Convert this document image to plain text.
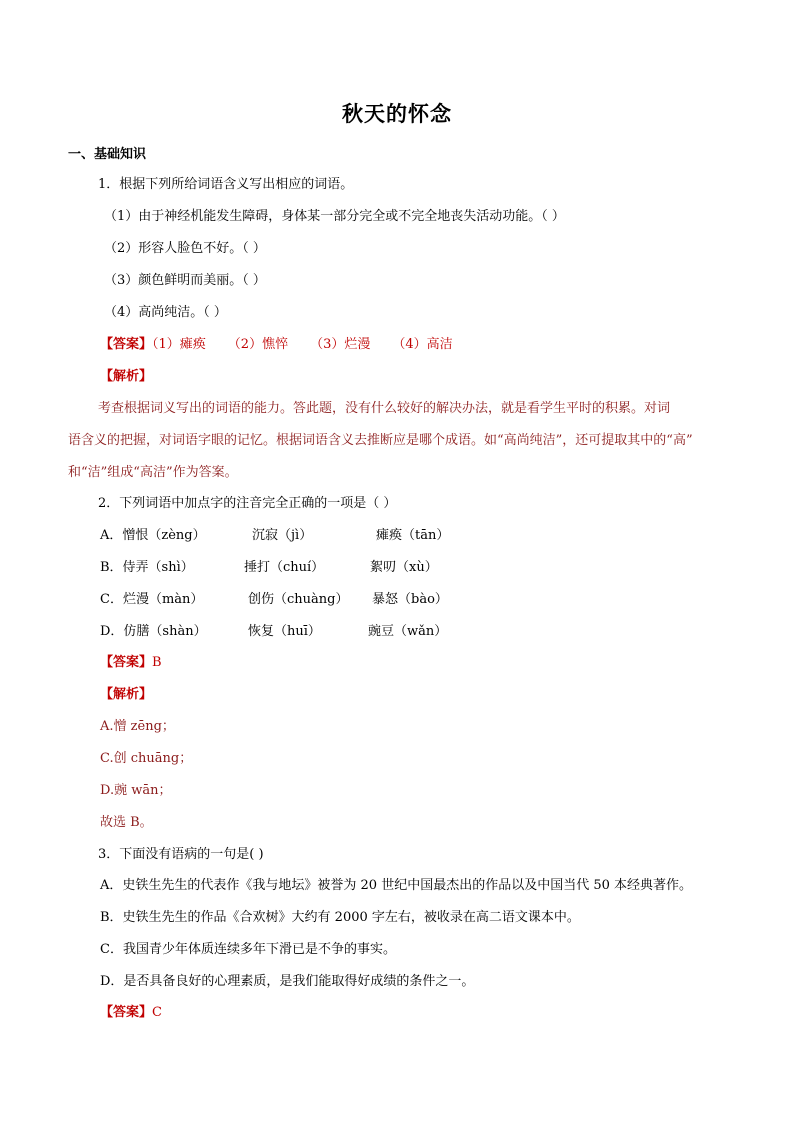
秋天的怀念
一、基础知识
1．根据下列所给词语含义写出相应的词语。
（1）由于神经机能发生障碍，身体某一部分完全或不完全地丧失活动功能。（ ）
（2）形容人脸色不好。（ ）
（3）颜色鲜明而美丽。（ ）
（4）高尚纯洁。（ ）
【答案】（1）瘫痪 （2）憔悴 （3）烂漫 （4）高洁
【解析】
考查根据词义写出的词语的能力。答此题，没有什么较好的解决办法，就是看学生平时的积累。对词
语含义的把握，对词语字眼的记忆。根据词语含义去推断应是哪个成语。如“高尚纯洁”，还可提取其中的“高”
和“洁”组成“高洁”作为答案。
2．下列词语中加点字的注音完全正确的一项是（ ）
A．憎恨（zèng）	沉寂（jì）	瘫痪（tān）
B．侍弄（shì）	捶打（chuí）	絮叨（xù）
C．烂漫（màn）	创伤（chuàng） 暴怒（bào）
D．仿膳（shàn）	恢复（huī）	豌豆（wǎn）
【答案】B
【解析】
A.憎 zēng；
C.创 chuāng；
D.豌 wān；
故选 B。
3．下面没有语病的一句是( )
A．史铁生先生的代表作《我与地坛》被誉为 20 世纪中国最杰出的作品以及中国当代 50 本经典著作。
B．史铁生先生的作品《合欢树》大约有 2000 字左右，被收录在高二语文课本中。
C．我国青少年体质连续多年下滑已是不争的事实。
D．是否具备良好的心理素质，是我们能取得好成绩的条件之一。
【答案】C
